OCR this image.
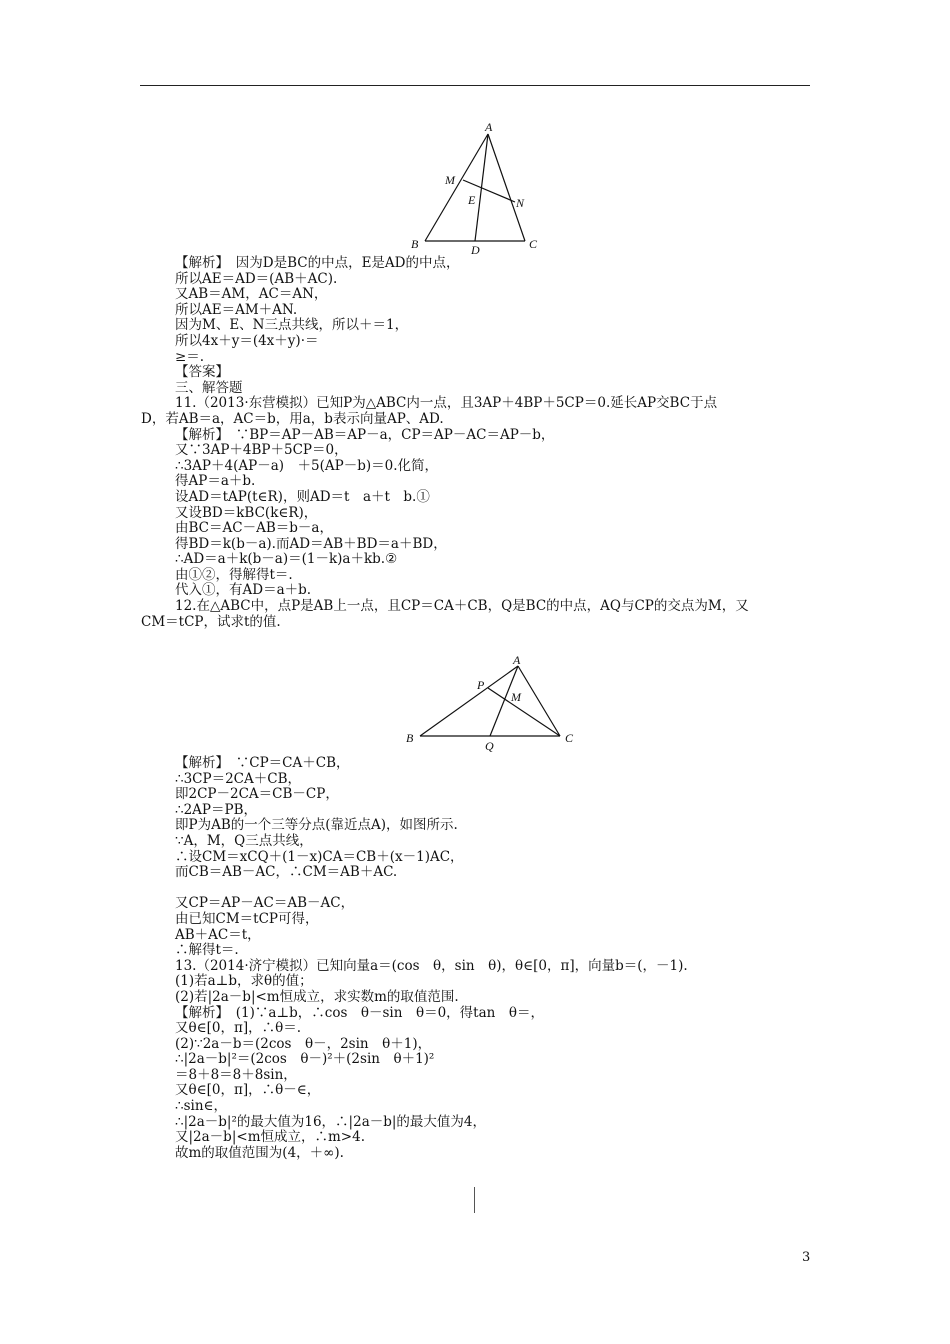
A
M
E	N
B	D	C
【解析】　因为D是BC的中点，E是AD的中点，
所以AE＝AD＝(AB＋AC).
又AB＝AM，AC＝AN，
所以AE＝AM＋AN.
因为M、E、N三点共线，所以＋＝1，
所以4x＋y＝(4x＋y)·＝
≥＝.
【答案】
三、解答题
11.（2013·东营模拟）已知P为△ABC内一点，且3AP＋4BP＋5CP＝0.延长AP交BC于点
D，若AB＝a，AC＝b，用a，b表示向量AP、AD.
【解析】　∵BP＝AP－AB＝AP－a，CP＝AP－AC＝AP－b，
又∵3AP＋4BP＋5CP＝0，
∴3AP＋4(AP－a)　＋5(AP－b)＝0.化简，
得AP＝a＋b.
设AD＝tAP(t∈R)，则AD＝t　a＋t　b.①
又设BD＝kBC(k∈R)，
由BC＝AC－AB＝b－a，
得BD＝k(b－a).而AD＝AB＋BD＝a＋BD，
∴AD＝a＋k(b－a)＝(1－k)a＋kb.②
由①②，得解得t＝.
代入①，有AD＝a＋b.
12.在△ABC中，点P是AB上一点，且CP＝CA＋CB，Q是BC的中点，AQ与CP的交点为M，又
CM＝tCP，试求t的值.
A
P
M
B
Q
C
【解析】　∵CP＝CA＋CB，
∴3CP＝2CA＋CB，
即2CP－2CA＝CB－CP，
∴2AP＝PB，
即P为AB的一个三等分点(靠近点A)，如图所示.
∵A，M，Q三点共线，
∴设CM＝xCQ＋(1－x)CA＝CB＋(x－1)AC，
而CB＝AB－AC，∴CM＝AB＋AC.
又CP＝AP－AC＝AB－AC，
由已知CM＝tCP可得，
AB＋AC＝t，
∴解得t＝.
13.（2014·济宁模拟）已知向量a＝(cos　θ，sin　θ)，θ∈[0，π]，向量b＝(，－1).
(1)若a⊥b，求θ的值；
(2)若|2a－b|<m恒成立，求实数m的取值范围.
【解析】　(1)∵a⊥b，∴cos　θ－sin　θ＝0，得tan　θ＝，
又θ∈[0，π]，∴θ＝.
(2)∵2a－b＝(2cos　θ－，2sin　θ＋1)，
∴|2a－b|²＝(2cos　θ－)²＋(2sin　θ＋1)²
＝8＋8＝8＋8sin，
又θ∈[0，π]，∴θ－∈，
∴sin∈，
∴|2a－b|²的最大值为16，∴|2a－b|的最大值为4，
又|2a－b|<m恒成立，∴m>4.
故m的取值范围为(4，＋∞).
3
